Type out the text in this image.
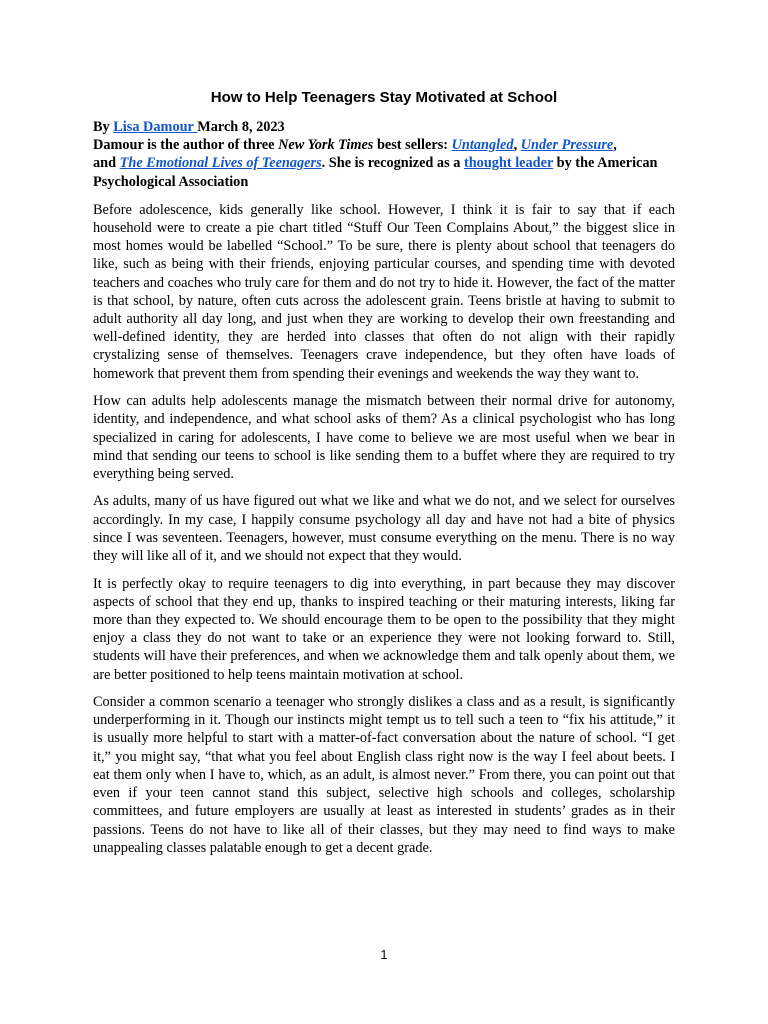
How to Help Teenagers Stay Motivated at School
By Lisa Damour March 8, 2023
Damour is the author of three New York Times best sellers: Untangled, Under Pressure,
and The Emotional Lives of Teenagers. She is recognized as a thought leader by the American Psychological Association

Before adolescence, kids generally like school. However, I think it is fair to say that if each household were to create a pie chart titled “Stuff Our Teen Complains About,” the biggest slice in most homes would be labelled “School.” To be sure, there is plenty about school that teenagers do like, such as being with their friends, enjoying particular courses, and spending time with devoted teachers and coaches who truly care for them and do not try to hide it. However, the fact of the matter is that school, by nature, often cuts across the adolescent grain. Teens bristle at having to submit to adult authority all day long, and just when they are working to develop their own freestanding and well-defined identity, they are herded into classes that often do not align with their rapidly crystalizing sense of themselves. Teenagers crave independence, but they often have loads of homework that prevent them from spending their evenings and weekends the way they want to.

How can adults help adolescents manage the mismatch between their normal drive for autonomy, identity, and independence, and what school asks of them? As a clinical psychologist who has long specialized in caring for adolescents, I have come to believe we are most useful when we bear in mind that sending our teens to school is like sending them to a buffet where they are required to try everything being served.

As adults, many of us have figured out what we like and what we do not, and we select for ourselves accordingly. In my case, I happily consume psychology all day and have not had a bite of physics since I was seventeen. Teenagers, however, must consume everything on the menu. There is no way they will like all of it, and we should not expect that they would.

It is perfectly okay to require teenagers to dig into everything, in part because they may discover aspects of school that they end up, thanks to inspired teaching or their maturing interests, liking far more than they expected to. We should encourage them to be open to the possibility that they might enjoy a class they do not want to take or an experience they were not looking forward to. Still, students will have their preferences, and when we acknowledge them and talk openly about them, we are better positioned to help teens maintain motivation at school.

Consider a common scenario a teenager who strongly dislikes a class and as a result, is significantly underperforming in it. Though our instincts might tempt us to tell such a teen to “fix his attitude,” it is usually more helpful to start with a matter-of-fact conversation about the nature of school. “I get it,” you might say, “that what you feel about English class right now is the way I feel about beets. I eat them only when I have to, which, as an adult, is almost never.” From there, you can point out that even if your teen cannot stand this subject, selective high schools and colleges, scholarship committees, and future employers are usually at least as interested in students’ grades as in their passions. Teens do not have to like all of their classes, but they may need to find ways to make unappealing classes palatable enough to get a decent grade.

1
